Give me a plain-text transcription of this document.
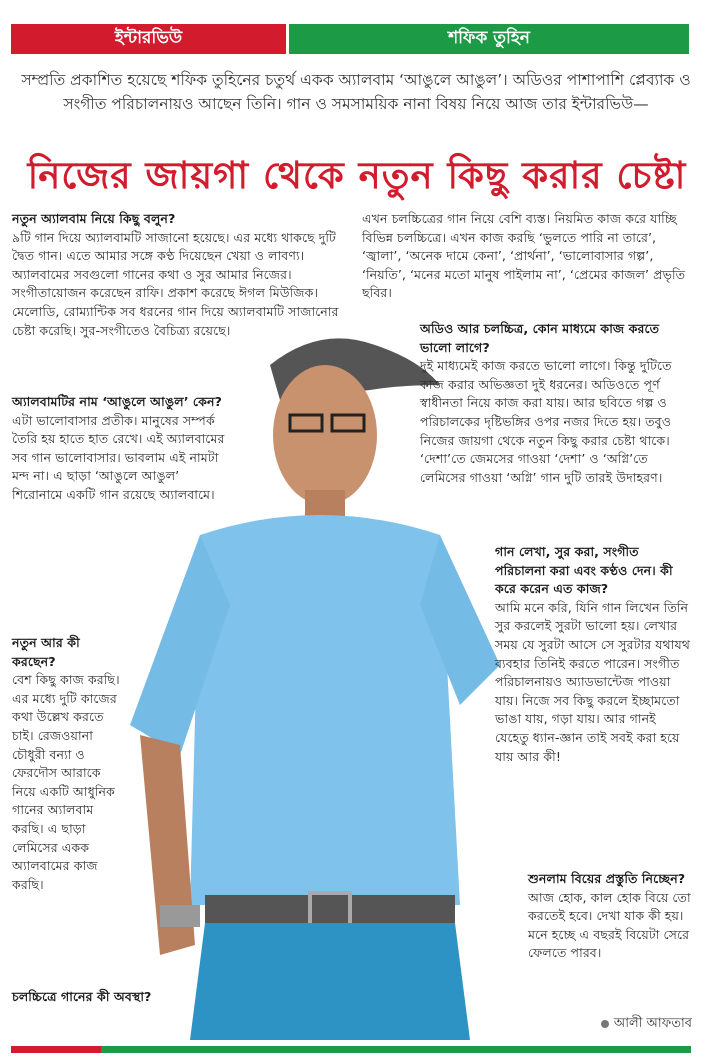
ইন্টারভিউ	শফিক তুহিন
সম্প্রতি প্রকাশিত হয়েছে শফিক তুহিনের চতুর্থ একক অ্যালবাম ‘আঙুলে আঙুল’। অডিওর পাশাপাশি প্লেব্যাক ও সংগীত পরিচালনায়ও আছেন তিনি। গান ও সমসাময়িক নানা বিষয় নিয়ে আজ তার ইন্টারভিউ—
নিজের জায়গা থেকে নতুন কিছু করার চেষ্টা

নতুন অ্যালবাম নিয়ে কিছু বলুন?

৯টি গান দিয়ে অ্যালবামটি সাজানো হয়েছে। এর মধ্যে থাকছে দুটি দ্বৈত গান। এতে আমার সঙ্গে কণ্ঠ দিয়েছেন খেয়া ও লাবণ্য। অ্যালবামের সবগুলো গানের কথা ও সুর আমার নিজের। সংগীতায়োজন করেছেন রাফি। প্রকাশ করেছে ঈগল মিউজিক। মেলোডি, রোম্যান্টিক সব ধরনের গান দিয়ে অ্যালবামটি সাজানোর চেষ্টা করেছি। সুর-সংগীতেও বৈচিত্র্য রয়েছে।

অ্যালবামটির নাম ‘আঙুলে আঙুল’ কেন?

এটা ভালোবাসার প্রতীক। মানুষের সম্পর্ক তৈরি হয় হাতে হাত রেখে। এই অ্যালবামের সব গান ভালোবাসার। ভাবলাম এই নামটা মন্দ না। এ ছাড়া ‘আঙুলে আঙুল’ শিরোনামে একটি গান রয়েছে অ্যালবামে।

নতুন আর কী করছেন?

বেশ কিছু কাজ করছি। এর মধ্যে দুটি কাজের কথা উল্লেখ করতে চাই। রেজওয়ানা চৌধুরী বন্যা ও ফেরদৌস আরাকে নিয়ে একটি আধুনিক গানের অ্যালবাম করছি। এ ছাড়া লেমিসের একক অ্যালবামের কাজ করছি।

চলচ্চিত্রে গানের কী অবস্থা?

এখন চলচ্চিত্রের গান নিয়ে বেশি ব্যস্ত। নিয়মিত কাজ করে যাচ্ছি বিভিন্ন চলচ্চিত্রে। এখন কাজ করছি ‘ভুলতে পারি না তারে’, ‘জ্বালা’, ‘অনেক দামে কেনা’, ‘প্রার্থনা’, ‘ভালোবাসার গল্প’, ‘নিয়তি’, ‘মনের মতো মানুষ পাইলাম না’, ‘প্রেমের কাজল’ প্রভৃতি ছবির।

অডিও আর চলচ্চিত্র, কোন মাধ্যমে কাজ করতে ভালো লাগে?

দুই মাধ্যমেই কাজ করতে ভালো লাগে। কিন্তু দুটিতে কাজ করার অভিজ্ঞতা দুই ধরনের। অডিওতে পূর্ণ স্বাধীনতা নিয়ে কাজ করা যায়। আর ছবিতে গল্প ও পরিচালকের দৃষ্টিভঙ্গির ওপর নজর দিতে হয়। তবুও নিজের জায়গা থেকে নতুন কিছু করার চেষ্টা থাকে। ‘দেশা’তে জেমসের গাওয়া ‘দেশা’ ও ‘অগ্নি’তে লেমিসের গাওয়া ‘অগ্নি’ গান দুটি তারই উদাহরণ।

গান লেখা, সুর করা, সংগীত পরিচালনা করা এবং কণ্ঠও দেন। কী করে করেন এত কাজ?

আমি মনে করি, যিনি গান লিখেন তিনি সুর করলেই সুরটা ভালো হয়। লেখার সময় যে সুরটা আসে সে সুরটার যথাযথ ব্যবহার তিনিই করতে পারেন। সংগীত পরিচালনায়ও অ্যাডভান্টেজ পাওয়া যায়। নিজে সব কিছু করলে ইচ্ছামতো ভাঙা যায়, গড়া যায়। আর গানই যেহেতু ধ্যান-জ্ঞান তাই সবই করা হয়ে যায় আর কী!

শুনলাম বিয়ের প্রস্তুতি নিচ্ছেন?

আজ হোক, কাল হোক বিয়ে তো করতেই হবে। দেখা যাক কী হয়। মনে হচ্ছে এ বছরই বিয়েটা সেরে ফেলতে পারব।

আলী আফতাব
